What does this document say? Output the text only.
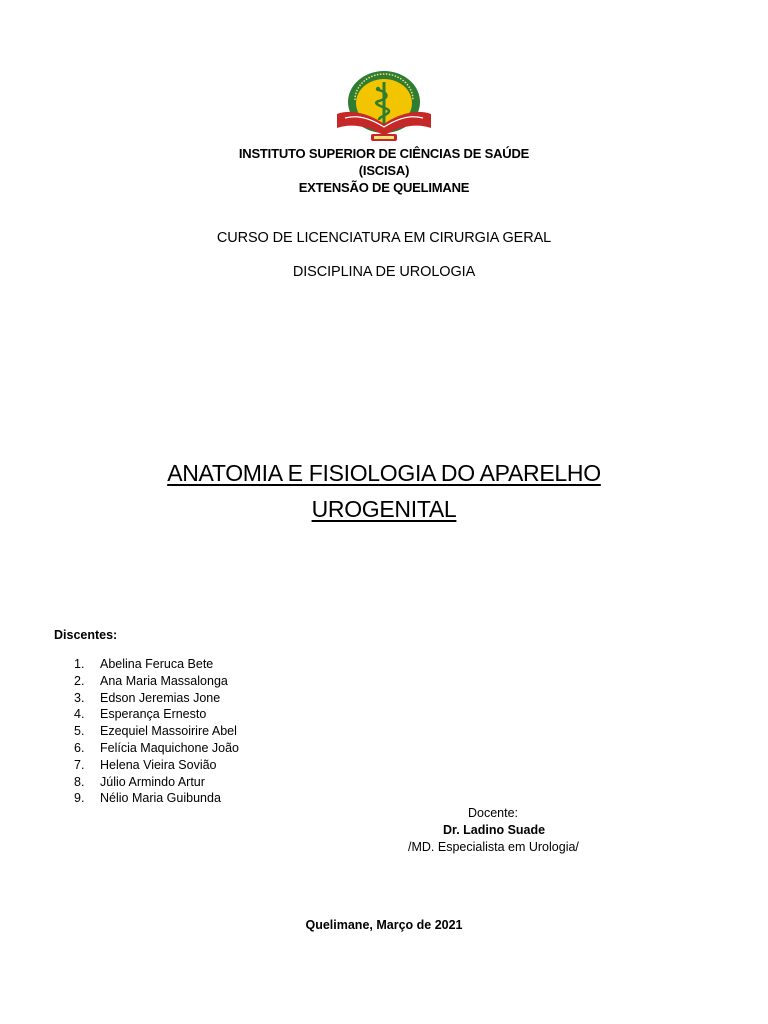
INSTITUTO SUPERIOR DE CIÊNCIAS DE SAÚDE
(ISCISA)
EXTENSÃO DE QUELIMANE
CURSO DE LICENCIATURA EM CIRURGIA GERAL
DISCIPLINA DE UROLOGIA
ANATOMIA E FISIOLOGIA DO APARELHO
UROGENITAL
Discentes:
1.	Abelina Feruca Bete
2.	Ana Maria Massalonga
3.	Edson Jeremias Jone
4.	Esperança Ernesto
5.	Ezequiel Massoirire Abel
6.	Felícia Maquichone João
7.	Helena Vieira Sovião
8.	Júlio Armindo Artur
9.	Nélio Maria Guibunda
Docente:
Dr. Ladino Suade
/MD. Especialista em Urologia/
Quelimane, Março de 2021
